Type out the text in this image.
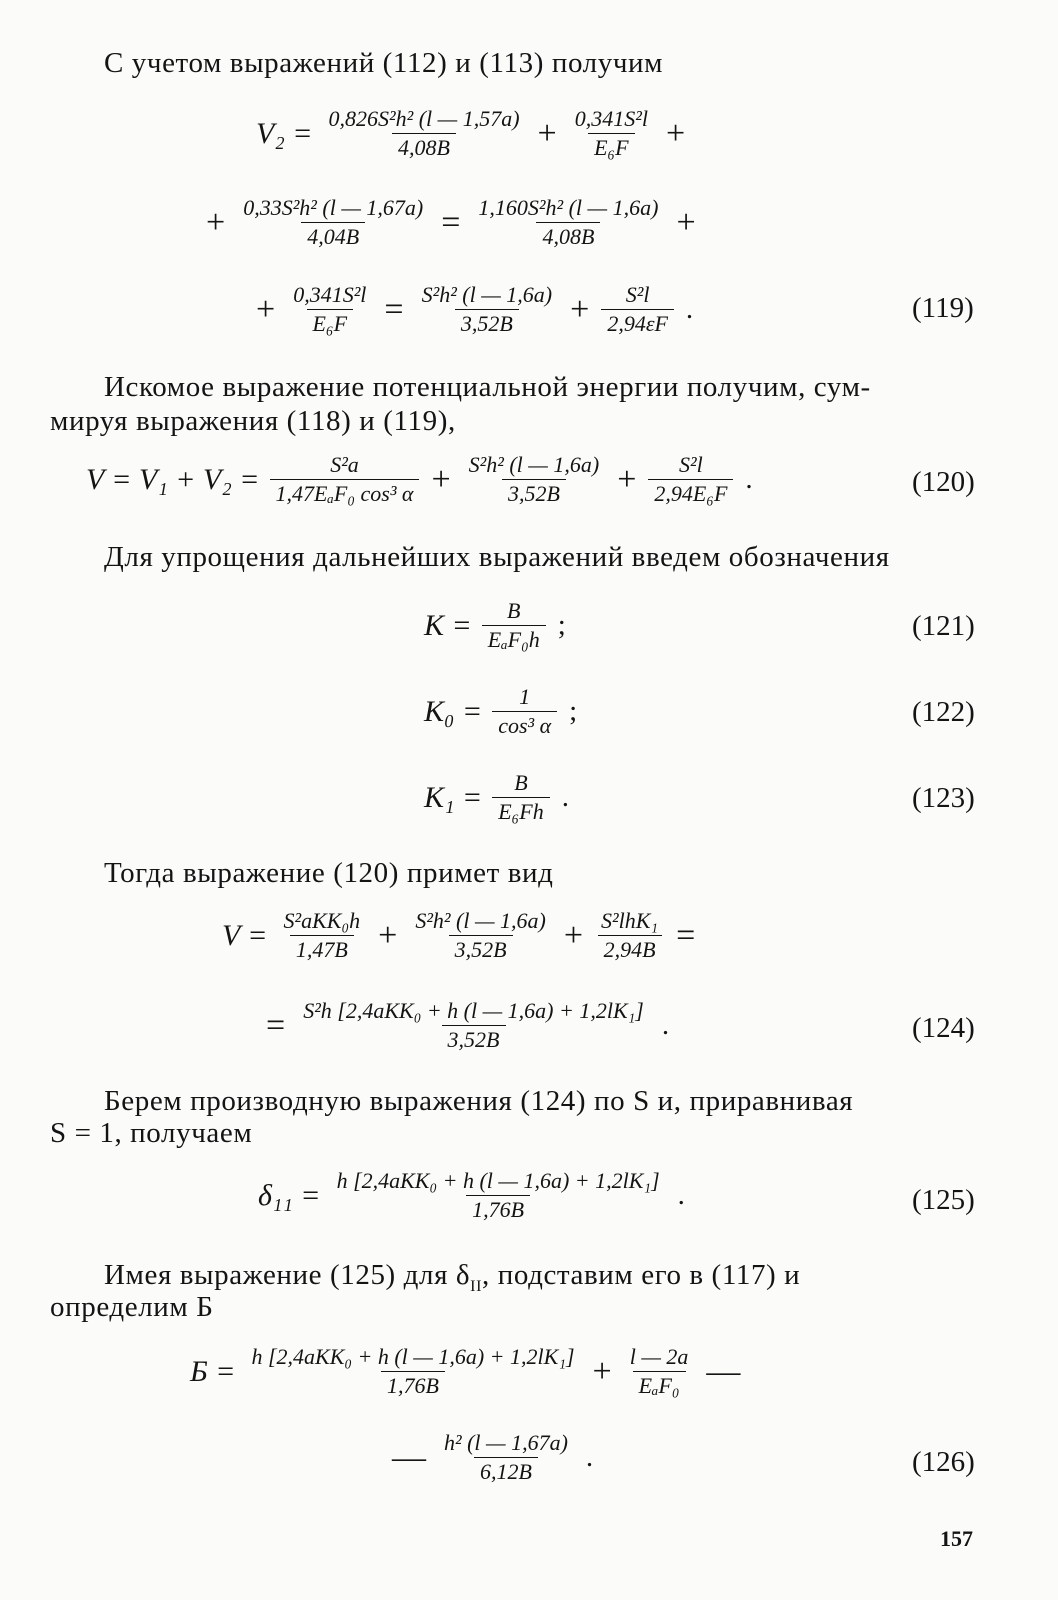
С учетом выражений (112) и (113) получим
$V_2 = \frac{\text{0,826S²h² (l — 1,57a)}}{4,08B} + \frac{\text{0,341S²l}}{\text{E₆F}}$ +
+ $\frac{\text{0,33S²h² (l — 1,67a)}}{4,04B} = \frac{\text{1,160S²h² (l — 1,6a)}}{4,08B}$ +
+ $\frac{\text{0,341S²l}}{\text{E₆F}} = \frac{\text{S²h² (l — 1,6a)}}{3,52B} + \frac{\text{S²l}}{2,94\varepsilon F}$ .	(119)
Искомое выражение потенциальной энергии получим, сум-
мируя выражения (118) и (119),
$V = V_1 + V_2 = \frac{\text{S²a}}{\text{1,47EₐF₀ cos³ α}} + \frac{\text{S²h² (l — 1,6a)}}{3,52B} + \frac{\text{S²l}}{\text{2,94E₆F}}$ .	(120)
Для упрощения дальнейших выражений введем обозначения
$K = \frac{B}{\text{EₐF₀h}}$ ;	(121)
$K_0 = \frac{1}{\text{cos³ α}}$ ;	(122)
$K_1 = \frac{B}{\text{E₆Fh}}$ .	(123)
Тогда выражение (120) примет вид
$V = \frac{\text{S²aKK₀h}}{1,47B} + \frac{\text{S²h² (l — 1,6a)}}{3,52B} + \frac{\text{S²lhK₁}}{2,94B}$ =
= $\frac{\text{S²h [2,4aKK₀ + h (l — 1,6a) + 1,2lK₁]}}{3,52B}$ .	(124)
Берем производную выражения (124) по S и, приравнивая
S = 1, получаем
$\delta_{11} = \frac{\text{h [2,4aKK₀ + h (l — 1,6a) + 1,2lK₁]}}{1,76B}$ .	(125)
Имея выражение (125) для $\delta_{II}$, подставим его в (117) и
определим Б
$Б = \frac{\text{h [2,4aKK₀ + h (l — 1,6a) + 1,2lK₁]}}{1,76B} + \frac{l — 2a}{\text{EₐF₀}}$ —
— $\frac{\text{h² (l — 1,67a)}}{6,12B}$ .	(126)
157
